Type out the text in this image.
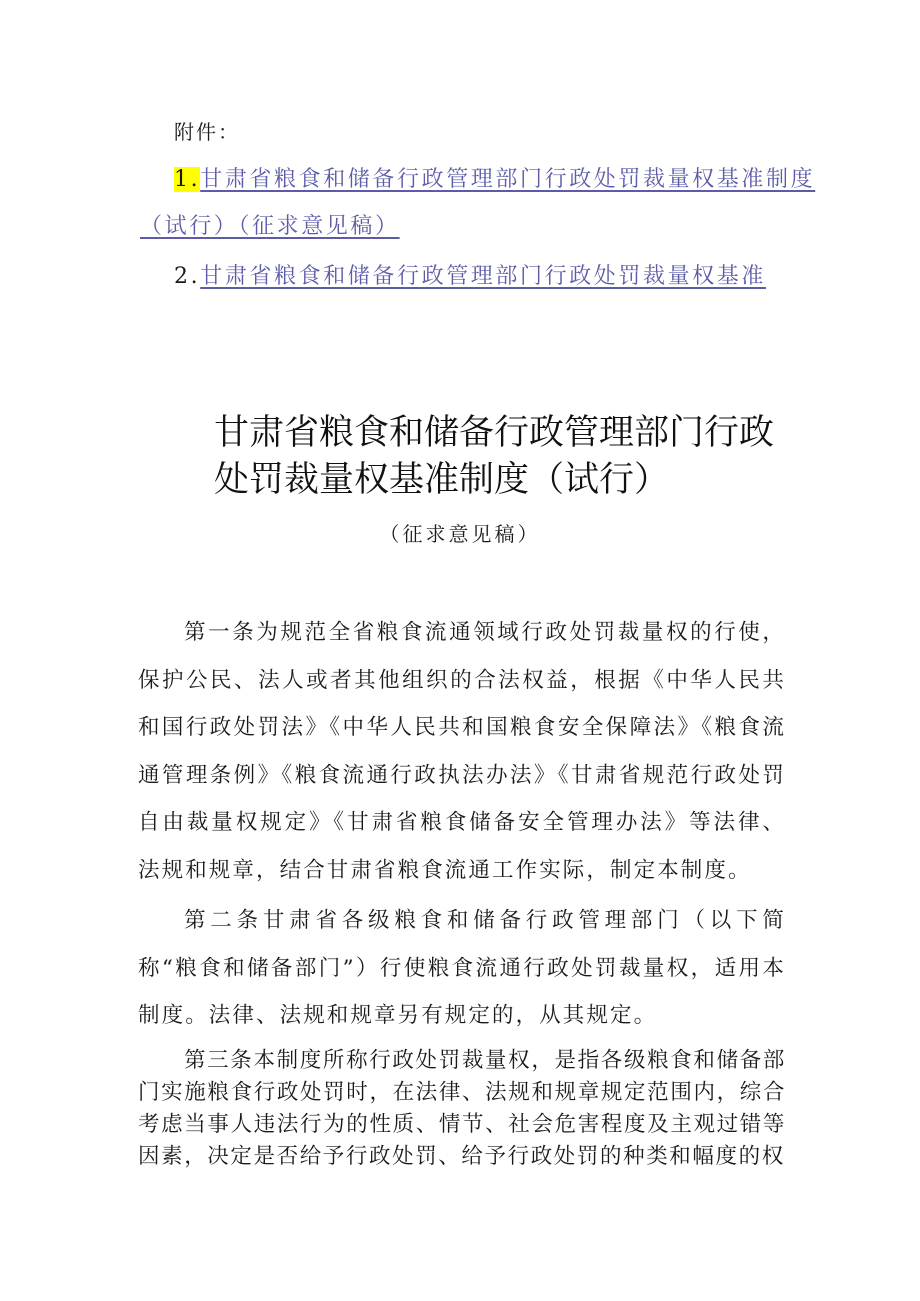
附件：
1.甘肃省粮食和储备行政管理部门行政处罚裁量权基准制度
（试行）（征求意见稿）
2.甘肃省粮食和储备行政管理部门行政处罚裁量权基准
甘肃省粮食和储备行政管理部门行政
处罚裁量权基准制度（试行）
（征求意见稿）
第一条为规范全省粮食流通领域行政处罚裁量权的行使，保护公民、法人或者其他组织的合法权益，根据《中华人民共和国行政处罚法》《中华人民共和国粮食安全保障法》《粮食流通管理条例》《粮食流通行政执法办法》《甘肃省规范行政处罚自由裁量权规定》《甘肃省粮食储备安全管理办法》等法律、法规和规章，结合甘肃省粮食流通工作实际，制定本制度。
第二条甘肃省各级粮食和储备行政管理部门（以下简称“粮食和储备部门”）行使粮食流通行政处罚裁量权，适用本制度。法律、法规和规章另有规定的，从其规定。
第三条本制度所称行政处罚裁量权，是指各级粮食和储备部门实施粮食行政处罚时，在法律、法规和规章规定范围内，综合考虑当事人违法行为的性质、情节、社会危害程度及主观过错等因素，决定是否给予行政处罚、给予行政处罚的种类和幅度的权
